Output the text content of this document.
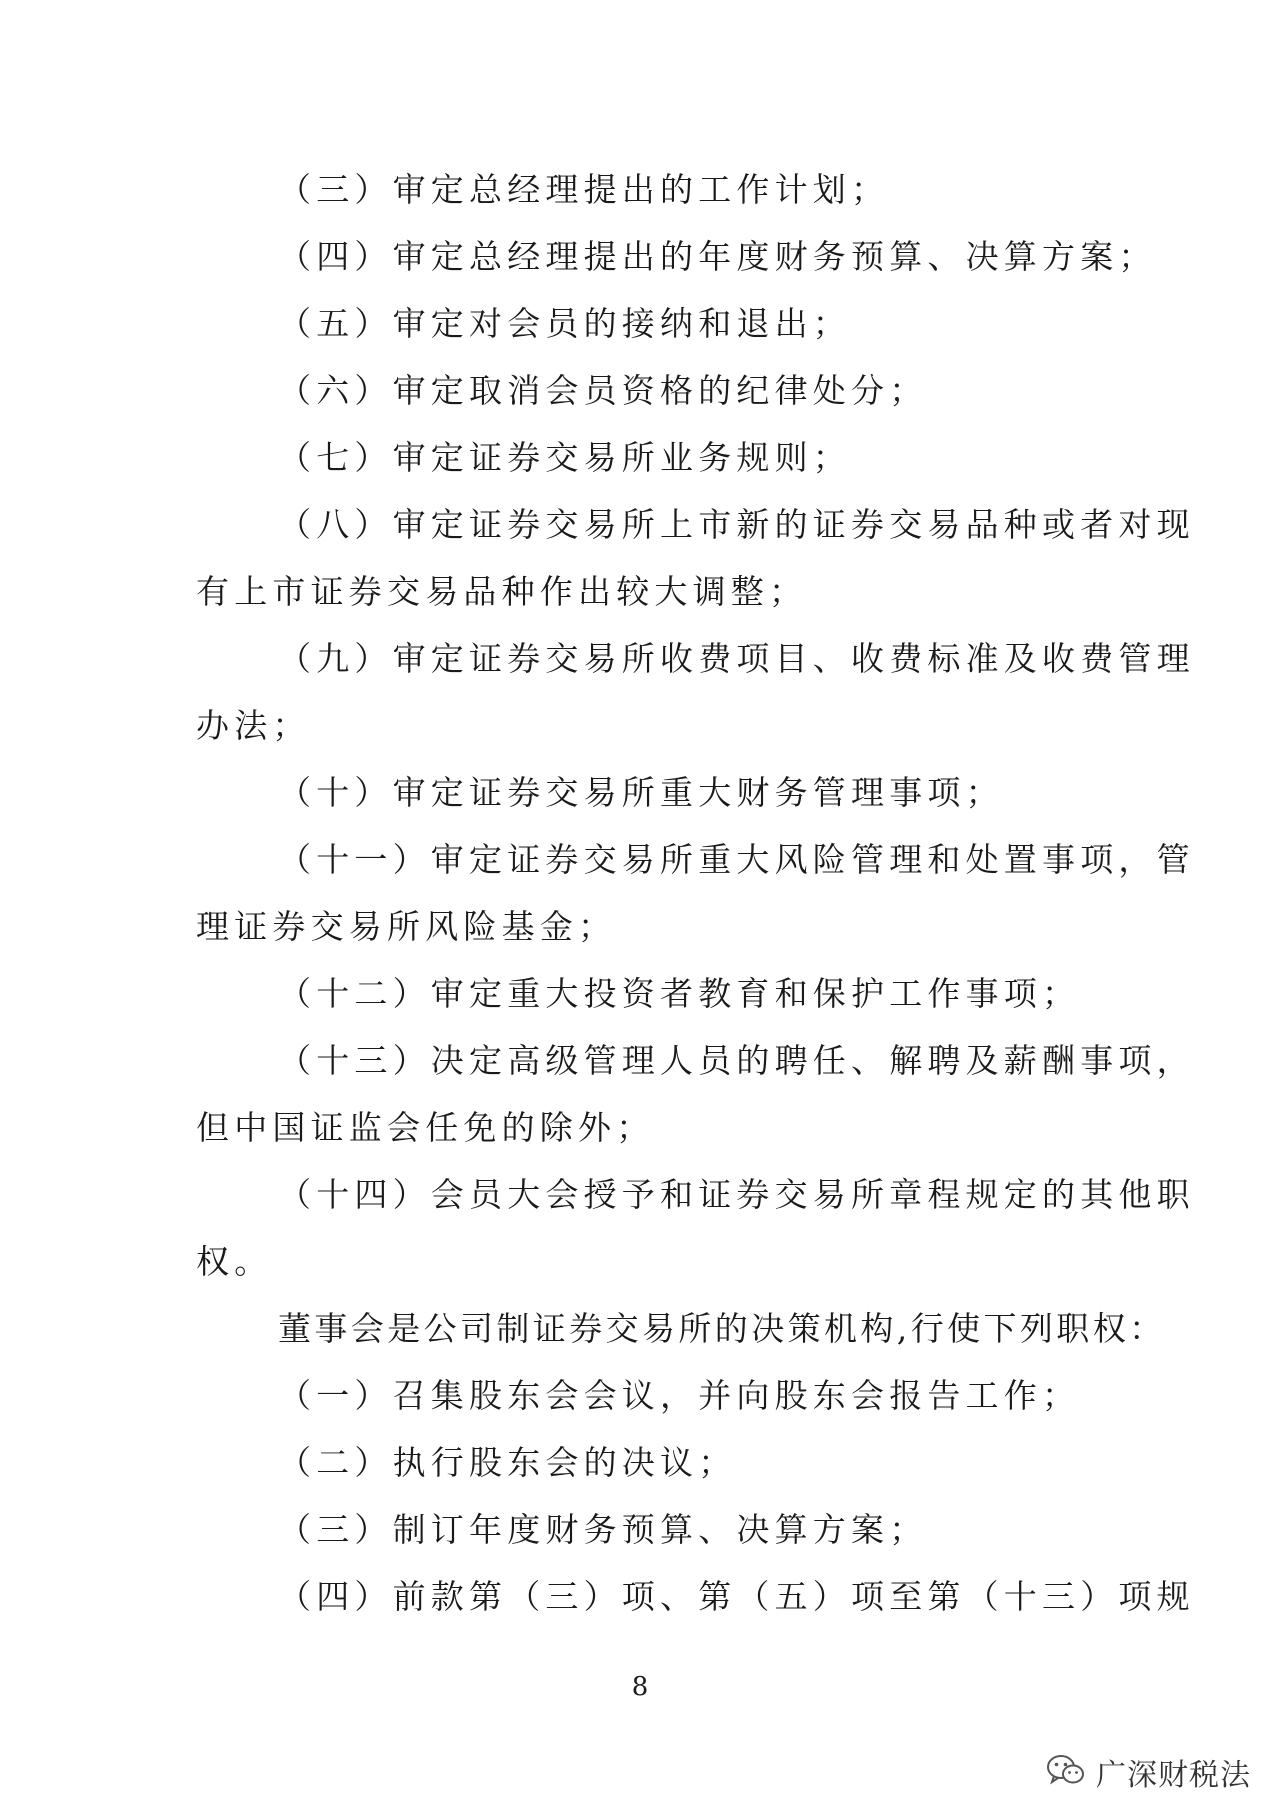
（三）审定总经理提出的工作计划；
（四）审定总经理提出的年度财务预算、决算方案；
（五）审定对会员的接纳和退出；
（六）审定取消会员资格的纪律处分；
（七）审定证券交易所业务规则；
（八）审定证券交易所上市新的证券交易品种或者对现
有上市证券交易品种作出较大调整；
（九）审定证券交易所收费项目、收费标准及收费管理
办法；
（十）审定证券交易所重大财务管理事项；
（十一）审定证券交易所重大风险管理和处置事项，管
理证券交易所风险基金；
（十二）审定重大投资者教育和保护工作事项；
（十三）决定高级管理人员的聘任、解聘及薪酬事项，
但中国证监会任免的除外；
（十四）会员大会授予和证券交易所章程规定的其他职
权。
董事会是公司制证券交易所的决策机构,行使下列职权：
（一）召集股东会会议，并向股东会报告工作；
（二）执行股东会的决议；
（三）制订年度财务预算、决算方案；
（四）前款第（三）项、第（五）项至第（十三）项规
8
广深财税法
